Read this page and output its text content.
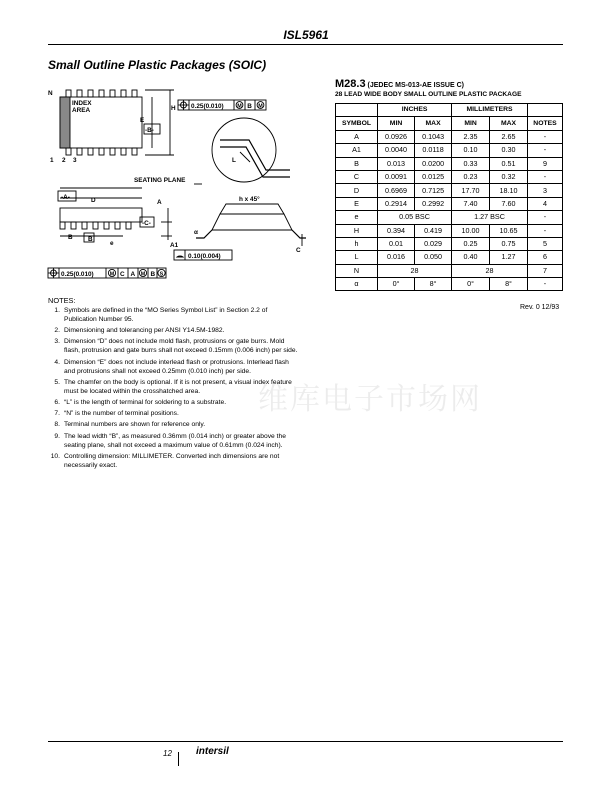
ISL5961
Small Outline Plastic Packages (SOIC)
N
INDEX
AREA
1 2 3
H
E
-B-
0.25(0.010)	M B M
L
SEATING PLANE
-A-	D	A	h x 45°
-C-
α
C
e	A1
B
B
0.10(0.004)
0.25(0.010)	M C A M B S
M28.3 (JEDEC MS-013-AE ISSUE C)
28 LEAD WIDE BODY SMALL OUTLINE PLASTIC PACKAGE
	INCHES		MILLIMETERS		
SYMBOL	MIN	MAX	MIN	MAX	NOTES
A	0.0926	0.1043	2.35	2.65	-
A1	0.0040	0.0118	0.10	0.30	-
B	0.013	0.0200	0.33	0.51	9
C	0.0091	0.0125	0.23	0.32	-
D	0.6969	0.7125	17.70	18.10	3
E	0.2914	0.2992	7.40	7.60	4
e	0.05 BSC		1.27 BSC		-
H	0.394	0.419	10.00	10.65	-
h	0.01	0.029	0.25	0.75	5
L	0.016	0.050	0.40	1.27	6
N	28		28		7
α	0°	8°	0°	8°	-
Rev. 0 12/93
NOTES:
1. Symbols are defined in the “MO Series Symbol List” in Section 2.2 of Publication Number 95.
2. Dimensioning and tolerancing per ANSI Y14.5M-1982.
3. Dimension “D” does not include mold flash, protrusions or gate burrs. Mold flash, protrusion and gate burrs shall not exceed 0.15mm (0.006 inch) per side.
4. Dimension “E” does not include interlead flash or protrusions. Interlead flash and protrusions shall not exceed 0.25mm (0.010 inch) per side.
5. The chamfer on the body is optional. If it is not present, a visual index feature must be located within the crosshatched area.
6. “L” is the length of terminal for soldering to a substrate.
7. “N” is the number of terminal positions.
8. Terminal numbers are shown for reference only.
9. The lead width “B”, as measured 0.36mm (0.014 inch) or greater above the seating plane, shall not exceed a maximum value of 0.61mm (0.024 inch).
10. Controlling dimension: MILLIMETER. Converted inch dimensions are not necessarily exact.
维库电子市场网
12 intersil
